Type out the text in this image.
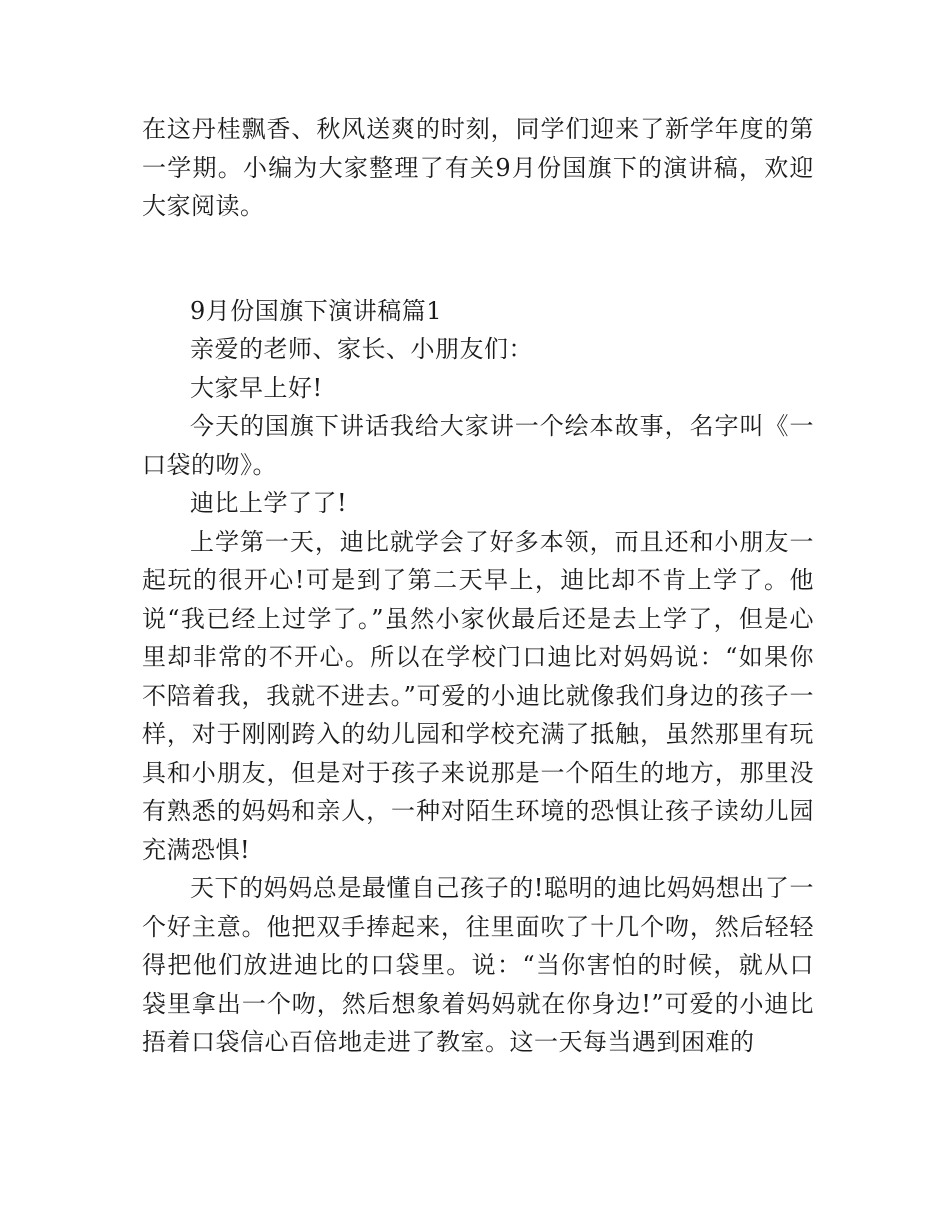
在这丹桂飘香、秋风送爽的时刻，同学们迎来了新学年度的第一学期。小编为大家整理了有关9月份国旗下的演讲稿，欢迎大家阅读。

9月份国旗下演讲稿篇1

亲爱的老师、家长、小朋友们：

大家早上好!

今天的国旗下讲话我给大家讲一个绘本故事，名字叫《一口袋的吻》。

迪比上学了了!

上学第一天，迪比就学会了好多本领，而且还和小朋友一起玩的很开心!可是到了第二天早上，迪比却不肯上学了。他说“我已经上过学了。”虽然小家伙最后还是去上学了，但是心里却非常的不开心。所以在学校门口迪比对妈妈说：“如果你不陪着我，我就不进去。”可爱的小迪比就像我们身边的孩子一样，对于刚刚跨入的幼儿园和学校充满了抵触，虽然那里有玩具和小朋友，但是对于孩子来说那是一个陌生的地方，那里没有熟悉的妈妈和亲人，一种对陌生环境的恐惧让孩子读幼儿园充满恐惧!

天下的妈妈总是最懂自己孩子的!聪明的迪比妈妈想出了一个好主意。他把双手捧起来，往里面吹了十几个吻，然后轻轻得把他们放进迪比的口袋里。说：“当你害怕的时候，就从口袋里拿出一个吻，然后想象着妈妈就在你身边!”可爱的小迪比捂着口袋信心百倍地走进了教室。这一天每当遇到困难的
